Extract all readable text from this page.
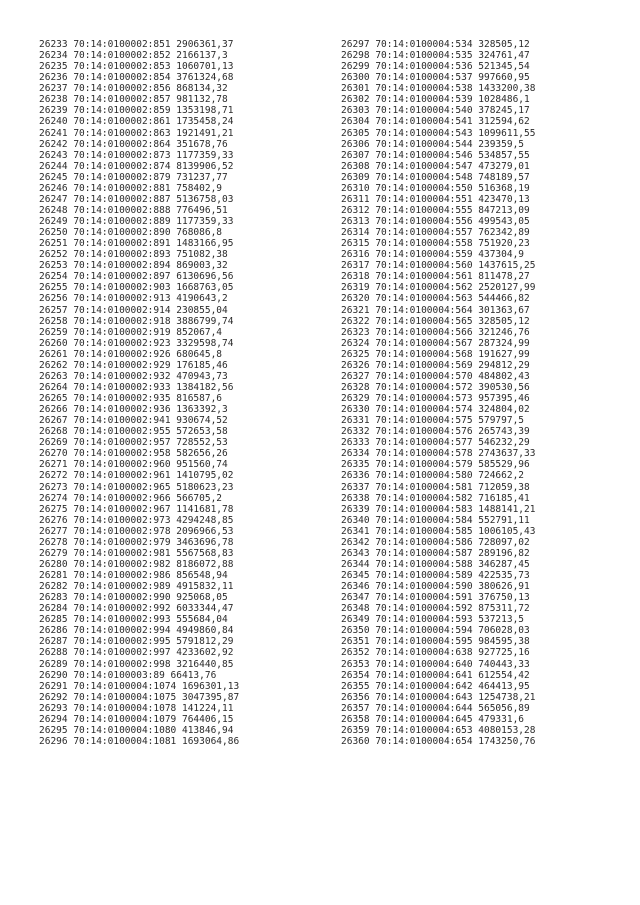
26233 70:14:0100002:851 2906361,37
26234 70:14:0100002:852 2166137,3
26235 70:14:0100002:853 1060701,13
26236 70:14:0100002:854 3761324,68
26237 70:14:0100002:856 868134,32
26238 70:14:0100002:857 981132,78
26239 70:14:0100002:859 1353198,71
26240 70:14:0100002:861 1735458,24
26241 70:14:0100002:863 1921491,21
26242 70:14:0100002:864 351678,76
26243 70:14:0100002:873 1177359,33
26244 70:14:0100002:874 8139906,52
26245 70:14:0100002:879 731237,77
26246 70:14:0100002:881 758402,9
26247 70:14:0100002:887 5136758,03
26248 70:14:0100002:888 776496,51
26249 70:14:0100002:889 1177359,33
26250 70:14:0100002:890 768086,8
26251 70:14:0100002:891 1483166,95
26252 70:14:0100002:893 751082,38
26253 70:14:0100002:894 869003,32
26254 70:14:0100002:897 6130696,56
26255 70:14:0100002:903 1668763,05
26256 70:14:0100002:913 4190643,2
26257 70:14:0100002:914 230855,04
26258 70:14:0100002:918 3886799,74
26259 70:14:0100002:919 852067,4
26260 70:14:0100002:923 3329598,74
26261 70:14:0100002:926 680645,8
26262 70:14:0100002:929 176185,46
26263 70:14:0100002:932 470943,73
26264 70:14:0100002:933 1384182,56
26265 70:14:0100002:935 816587,6
26266 70:14:0100002:936 1363392,3
26267 70:14:0100002:941 930674,52
26268 70:14:0100002:955 572653,58
26269 70:14:0100002:957 728552,53
26270 70:14:0100002:958 582656,26
26271 70:14:0100002:960 951560,74
26272 70:14:0100002:961 1410795,02
26273 70:14:0100002:965 5180623,23
26274 70:14:0100002:966 566705,2
26275 70:14:0100002:967 1141681,78
26276 70:14:0100002:973 4294248,85
26277 70:14:0100002:978 2096966,53
26278 70:14:0100002:979 3463696,78
26279 70:14:0100002:981 5567568,83
26280 70:14:0100002:982 8186072,88
26281 70:14:0100002:986 856548,94
26282 70:14:0100002:989 4915832,11
26283 70:14:0100002:990 925068,05
26284 70:14:0100002:992 6033344,47
26285 70:14:0100002:993 555684,04
26286 70:14:0100002:994 4949860,84
26287 70:14:0100002:995 5791812,29
26288 70:14:0100002:997 4233602,92
26289 70:14:0100002:998 3216440,85
26290 70:14:0100003:89 66413,76
26291 70:14:0100004:1074 1696301,13
26292 70:14:0100004:1075 3047395,87
26293 70:14:0100004:1078 141224,11
26294 70:14:0100004:1079 764406,15
26295 70:14:0100004:1080 413846,94
26296 70:14:0100004:1081 1693064,86
26297 70:14:0100004:534 328505,12
26298 70:14:0100004:535 324761,47
26299 70:14:0100004:536 521345,54
26300 70:14:0100004:537 997660,95
26301 70:14:0100004:538 1433200,38
26302 70:14:0100004:539 1028486,1
26303 70:14:0100004:540 378245,17
26304 70:14:0100004:541 312594,62
26305 70:14:0100004:543 1099611,55
26306 70:14:0100004:544 239359,5
26307 70:14:0100004:546 534857,55
26308 70:14:0100004:547 473279,01
26309 70:14:0100004:548 748189,57
26310 70:14:0100004:550 516368,19
26311 70:14:0100004:551 423470,13
26312 70:14:0100004:555 847213,09
26313 70:14:0100004:556 499543,05
26314 70:14:0100004:557 762342,89
26315 70:14:0100004:558 751920,23
26316 70:14:0100004:559 437304,9
26317 70:14:0100004:560 1437615,25
26318 70:14:0100004:561 811478,27
26319 70:14:0100004:562 2520127,99
26320 70:14:0100004:563 544466,82
26321 70:14:0100004:564 301363,67
26322 70:14:0100004:565 328505,12
26323 70:14:0100004:566 321246,76
26324 70:14:0100004:567 287324,99
26325 70:14:0100004:568 191627,99
26326 70:14:0100004:569 294812,29
26327 70:14:0100004:570 484802,43
26328 70:14:0100004:572 390530,56
26329 70:14:0100004:573 957395,46
26330 70:14:0100004:574 324804,02
26331 70:14:0100004:575 579797,5
26332 70:14:0100004:576 265743,39
26333 70:14:0100004:577 546232,29
26334 70:14:0100004:578 2743637,33
26335 70:14:0100004:579 585529,96
26336 70:14:0100004:580 724662,2
26337 70:14:0100004:581 712059,38
26338 70:14:0100004:582 716185,41
26339 70:14:0100004:583 1488141,21
26340 70:14:0100004:584 552791,11
26341 70:14:0100004:585 1006105,43
26342 70:14:0100004:586 728097,02
26343 70:14:0100004:587 289196,82
26344 70:14:0100004:588 346287,45
26345 70:14:0100004:589 422535,73
26346 70:14:0100004:590 380626,91
26347 70:14:0100004:591 376750,13
26348 70:14:0100004:592 875311,72
26349 70:14:0100004:593 537213,5
26350 70:14:0100004:594 706028,03
26351 70:14:0100004:595 984595,38
26352 70:14:0100004:638 927725,16
26353 70:14:0100004:640 740443,33
26354 70:14:0100004:641 612554,42
26355 70:14:0100004:642 464413,95
26356 70:14:0100004:643 1254738,21
26357 70:14:0100004:644 565056,89
26358 70:14:0100004:645 479331,6
26359 70:14:0100004:653 4080153,28
26360 70:14:0100004:654 1743250,76
